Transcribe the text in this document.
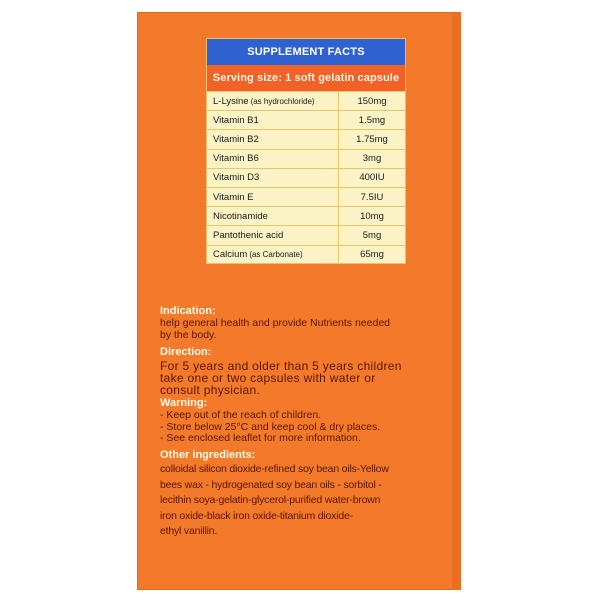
SUPPLEMENT FACTS
Serving size: 1 soft gelatin capsule
L-Lysine (as hydrochloride)	150mg
Vitamin B1	1.5mg
Vitamin B2	1.75mg
Vitamin B6	3mg
Vitamin D3	400IU
Vitamin E	7.5IU
Nicotinamide	10mg
Pantothenic acid	5mg
Calcium (as Carbonate)	65mg
Indication:
help general health and provide Nutrients needed
by the body.
Direction:
For 5 years and older than 5 years children
take one or two capsules with water or
consult physician.
Warning:
- Keep out of the reach of children.
- Store below 25°C and keep cool & dry places.
- See enclosed leaflet for more information.
Other ingredients:
colloidal silicon dioxide-refined soy bean oils-Yellow
bees wax - hydrogenated soy bean oils - sorbitol -
lecithin soya-gelatin-glycerol-purified water-brown
iron oxide-black iron oxide-titanium dioxide-
ethyl vanillin.
